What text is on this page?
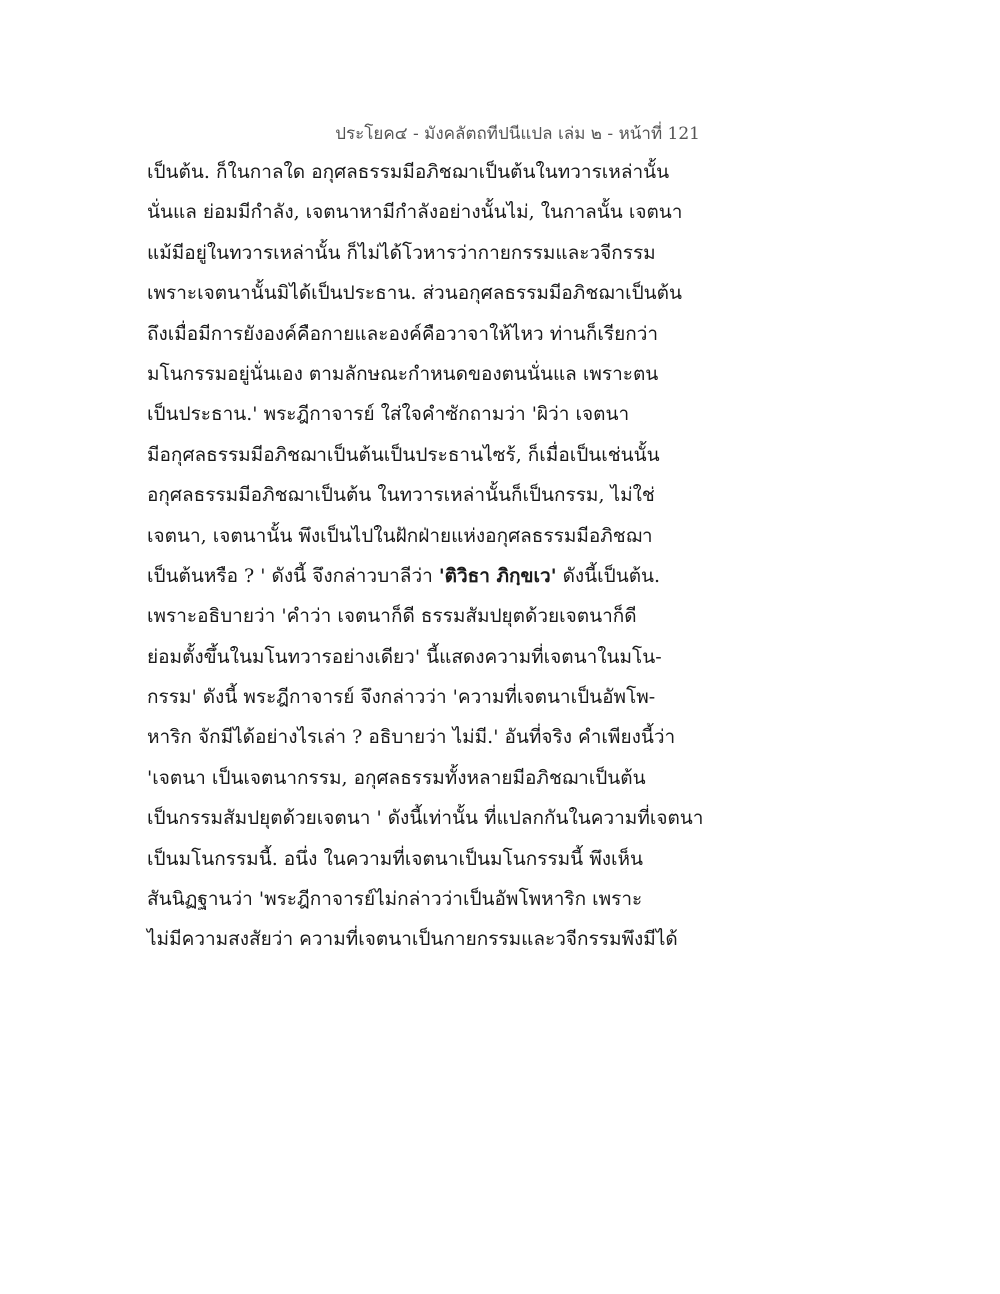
ประโยค๔ - มังคลัตถทีปนีแปล เล่ม ๒ - หน้าที่ 121
เป็นต้น. ก็ในกาลใด อกุศลธรรมมีอภิชฌาเป็นต้นในทวารเหล่านั้น
นั่นแล ย่อมมีกำลัง, เจตนาหามีกำลังอย่างนั้นไม่, ในกาลนั้น เจตนา
แม้มีอยู่ในทวารเหล่านั้น ก็ไม่ได้โวหารว่ากายกรรมและวจีกรรม
เพราะเจตนานั้นมิได้เป็นประธาน. ส่วนอกุศลธรรมมีอภิชฌาเป็นต้น
ถึงเมื่อมีการยังองค์คือกายและองค์คือวาจาให้ไหว ท่านก็เรียกว่า
มโนกรรมอยู่นั่นเอง ตามลักษณะกำหนดของตนนั่นแล เพราะตน
เป็นประธาน.' พระฎีกาจารย์ ใส่ใจคำซักถามว่า 'ผิว่า เจตนา
มีอกุศลธรรมมีอภิชฌาเป็นต้นเป็นประธานไซร้, ก็เมื่อเป็นเช่นนั้น
อกุศลธรรมมีอภิชฌาเป็นต้น ในทวารเหล่านั้นก็เป็นกรรม, ไม่ใช่
เจตนา, เจตนานั้น พึงเป็นไปในฝักฝ่ายแห่งอกุศลธรรมมีอภิชฌา
เป็นต้นหรือ ? ' ดังนี้ จึงกล่าวบาลีว่า 'ติวิธา ภิกฺขเว' ดังนี้เป็นต้น.
เพราะอธิบายว่า 'คำว่า เจตนาก็ดี ธรรมสัมปยุตด้วยเจตนาก็ดี
ย่อมตั้งขึ้นในมโนทวารอย่างเดียว' นี้แสดงความที่เจตนาในมโน-
กรรม' ดังนี้ พระฎีกาจารย์ จึงกล่าวว่า 'ความที่เจตนาเป็นอัพโพ-
หาริก จักมีได้อย่างไรเล่า ? อธิบายว่า ไม่มี.' อันที่จริง คำเพียงนี้ว่า
'เจตนา เป็นเจตนากรรม, อกุศลธรรมทั้งหลายมีอภิชฌาเป็นต้น
เป็นกรรมสัมปยุตด้วยเจตนา ' ดังนี้เท่านั้น ที่แปลกกันในความที่เจตนา
เป็นมโนกรรมนี้. อนึ่ง ในความที่เจตนาเป็นมโนกรรมนี้ พึงเห็น
สันนิฏฐานว่า 'พระฎีกาจารย์ไม่กล่าวว่าเป็นอัพโพหาริก เพราะ
ไม่มีความสงสัยว่า ความที่เจตนาเป็นกายกรรมและวจีกรรมพึงมีได้
